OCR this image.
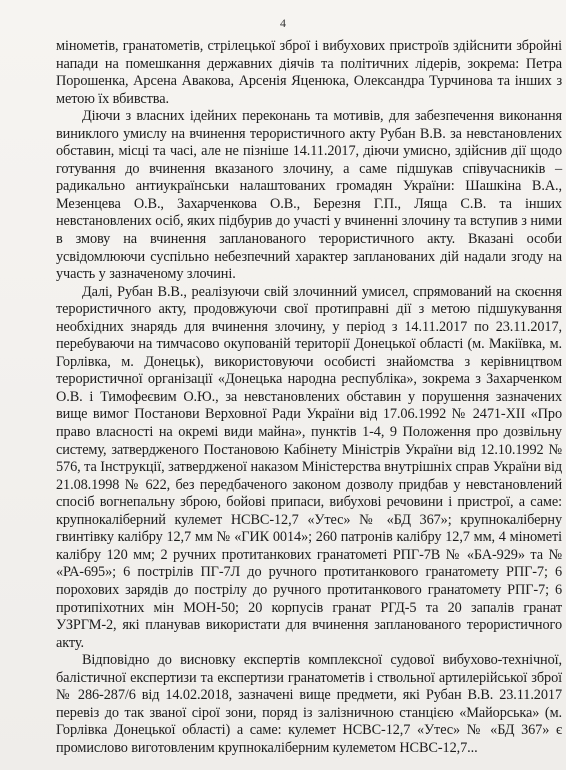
4

мінометів, гранатометів, стрілецької зброї і вибухових пристроїв здійснити збройні напади на помешкання державних діячів та політичних лідерів, зокрема: Петра Порошенка, Арсена Авакова, Арсенія Яценюка, Олександра Турчинова та інших з метою їх вбивства.

Діючи з власних ідейних переконань та мотивів, для забезпечення виконання виниклого умислу на вчинення терористичного акту Рубан В.В. за невстановлених обставин, місці та часі, але не пізніше 14.11.2017, діючи умисно, здійснив дії щодо готування до вчинення вказаного злочину, а саме підшукав співучасників – радикально антиукраїнськи налаштованих громадян України: Шашкіна В.А., Мезенцева О.В., Захарченкова О.В., Березня Г.П., Ляща С.В. та інших невстановлених осіб, яких підбурив до участі у вчиненні злочину та вступив з ними в змову на вчинення запланованого терористичного акту. Вказані особи усвідомлюючи суспільно небезпечний характер запланованих дій надали згоду на участь у зазначеному злочині.

Далі, Рубан В.В., реалізуючи свій злочинний умисел, спрямований на скоєння терористичного акту, продовжуючи свої протиправні дії з метою підшукування необхідних знарядь для вчинення злочину, у період з 14.11.2017 по 23.11.2017, перебуваючи на тимчасово окупованій території Донецької області (м. Макіївка, м. Горлівка, м. Донецьк), використовуючи особисті знайомства з керівництвом терористичної організації «Донецька народна республіка», зокрема з Захарченком О.В. і Тимофеєвим О.Ю., за невстановлених обставин у порушення зазначених вище вимог Постанови Верховної Ради України від 17.06.1992 № 2471-ХІІ «Про право власності на окремі види майна», пунктів 1-4, 9 Положення про дозвільну систему, затвердженого Постановою Кабінету Міністрів України від 12.10.1992 № 576, та Інструкції, затвердженої наказом Міністерства внутрішніх справ України від 21.08.1998 № 622, без передбаченого законом дозволу придбав у невстановлений спосіб вогнепальну зброю, бойові припаси, вибухові речовини і пристрої, а саме: крупнокаліберний кулемет НСВС-12,7 «Утес» № «БД 367»; крупнокаліберну гвинтівку калібру 12,7 мм № «ГИК 0014»; 260 патронів калібру 12,7 мм, 4 мінометі калібру 120 мм; 2 ручних протитанкових гранатометі РПГ-7В № «БА-929» та № «РА-695»; 6 пострілів ПГ-7Л до ручного протитанкового гранатомету РПГ-7; 6 порохових зарядів до пострілу до ручного протитанкового гранатомету РПГ-7; 6 протипіхотних мін МОН-50; 20 корпусів гранат РГД-5 та 20 запалів гранат УЗРГМ-2, які планував використати для вчинення запланованого терористичного акту.

Відповідно до висновку експертів комплексної судової вибухово-технічної, балістичної експертизи та експертизи гранатометів і ствольної артилерійської зброї № 286-287/6 від 14.02.2018, зазначені вище предмети, які Рубан В.В. 23.11.2017 перевіз до так званої сірої зони, поряд із залізничною станцією «Майорська» (м. Горлівка Донецької області) а саме: кулемет НСВС-12,7 «Утес» № «БД 367» є промислово виготовленим крупнокаліберним кулеметом НСВС-12,7...
